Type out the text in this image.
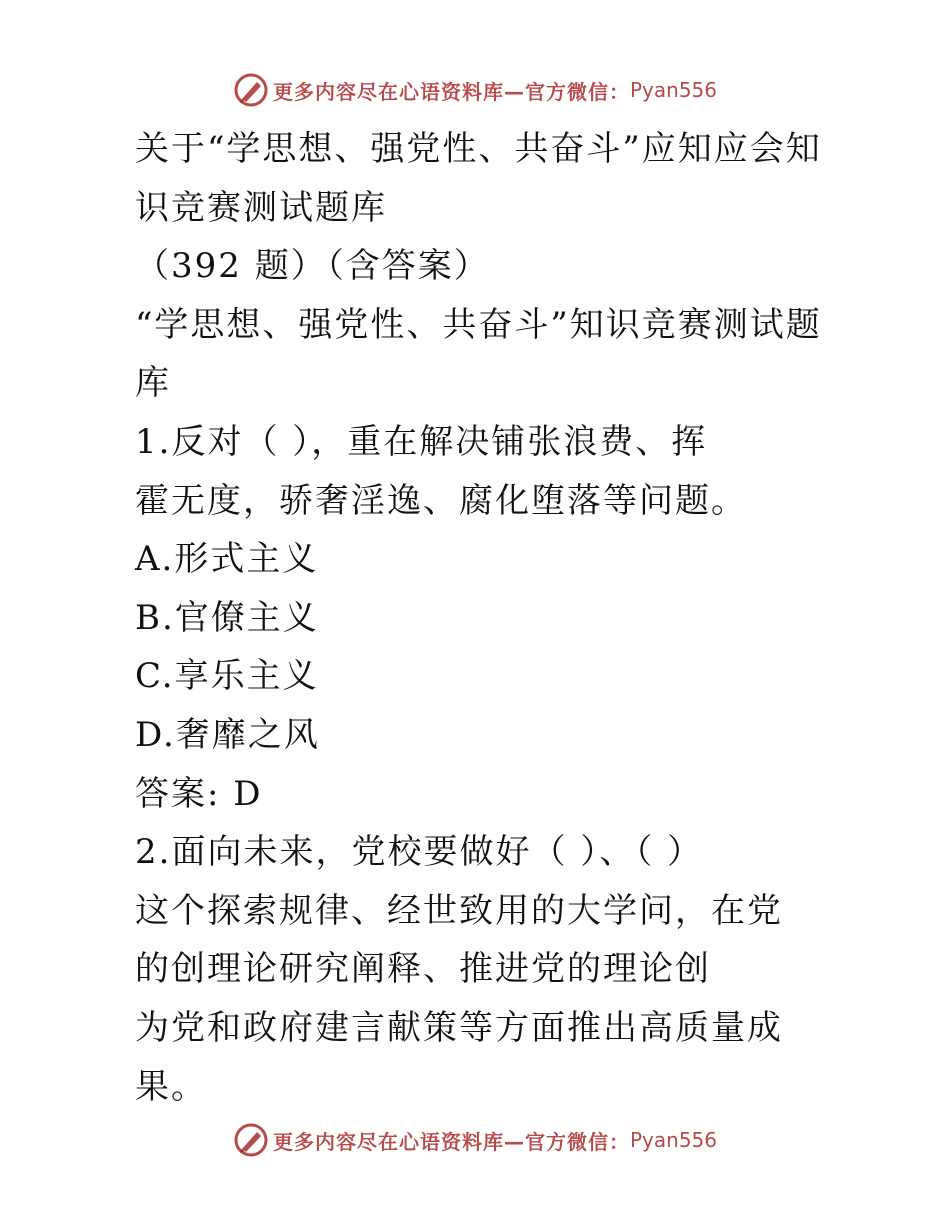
更多内容尽在心语资料库—官方微信： Pyan556
关于“学思想、强党性、共奋斗”应知应会知
识竞赛测试题库
（392 题）（含答案）
“学思想、强党性、共奋斗”知识竞赛测试题
库
1.反对（ ），重在解决铺张浪费、挥
霍无度，骄奢淫逸、腐化堕落等问题。
A.形式主义
B.官僚主义
C.享乐主义
D.奢靡之风
答案: D
2.面向未来，党校要做好（ ）、（ ）
这个探索规律、经世致用的大学问，在党
的创理论研究阐释、推进党的理论创
为党和政府建言献策等方面推出高质量成
果。
更多内容尽在心语资料库—官方微信： Pyan556
